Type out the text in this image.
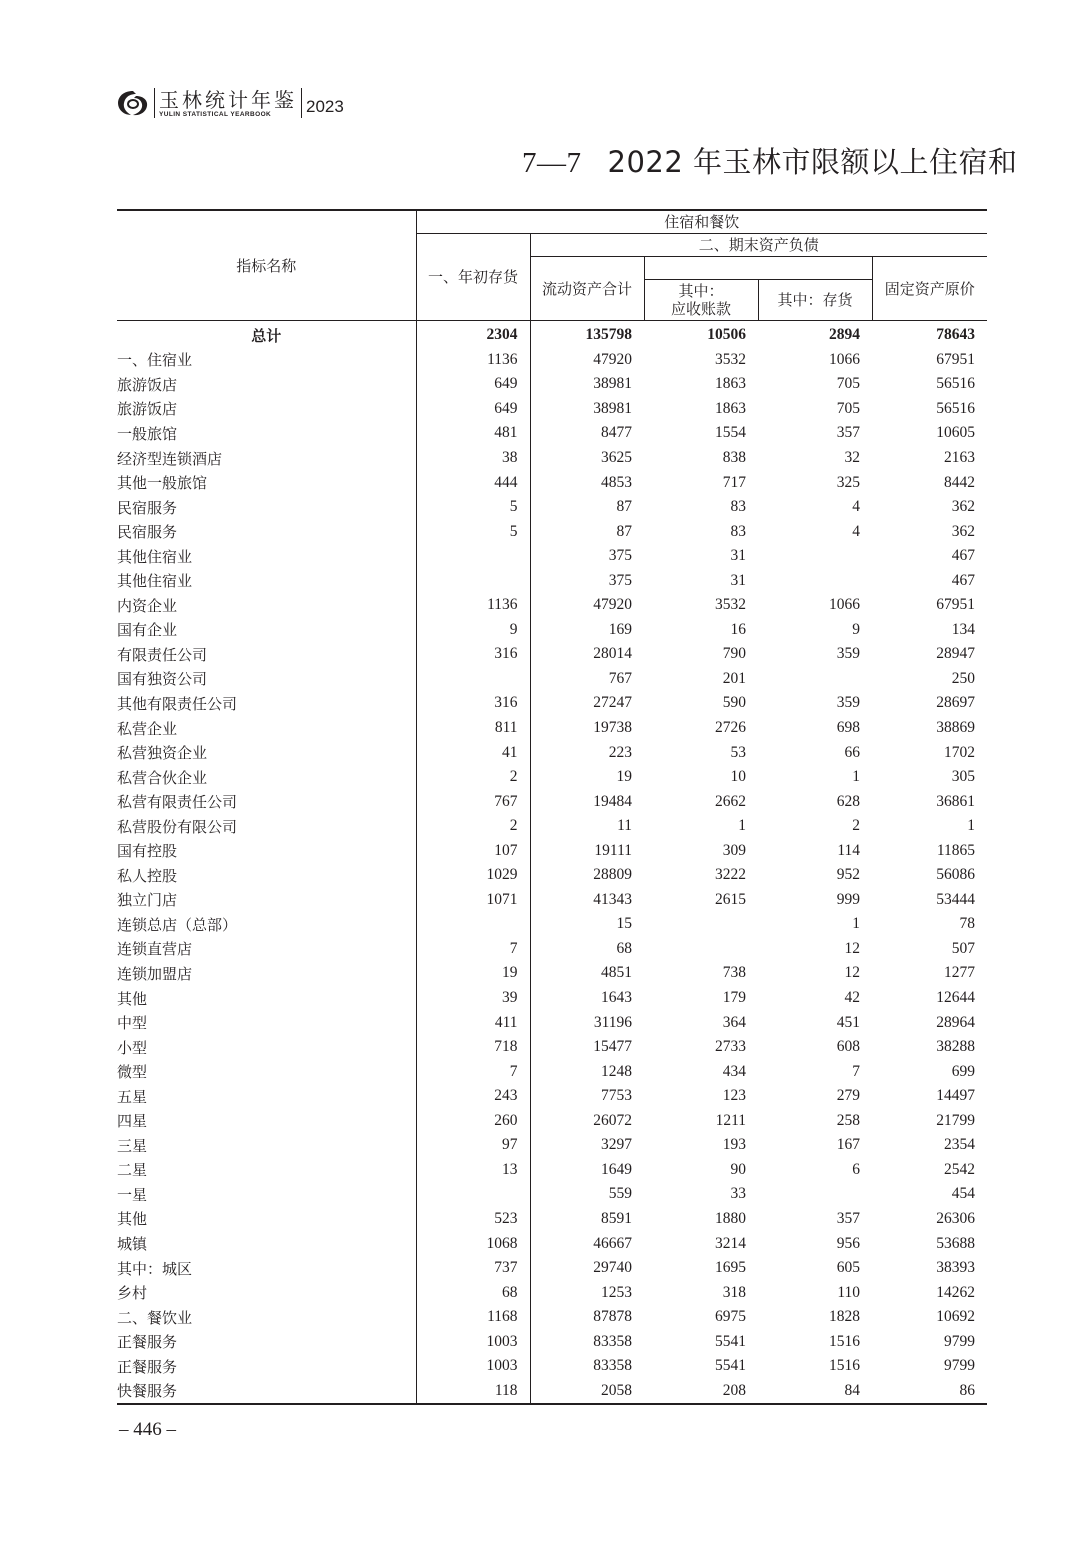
玉林统计年鉴
YULIN STATISTICAL YEARBOOK	2023
7—7 2022 年玉林市限额以上住宿和
指标名称	住宿和餐饮				
	一、年初存货	二、期末资产负债			
		流动资产合计			固定资产原价

			其中：
应收账款	其中：存货	
总计	2304	135798	10506	2894	78643
一、住宿业	1136	47920	3532	1066	67951
旅游饭店	649	38981	1863	705	56516
旅游饭店	649	38981	1863	705	56516
一般旅馆	481	8477	1554	357	10605
经济型连锁酒店	38	3625	838	32	2163
其他一般旅馆	444	4853	717	325	8442
民宿服务	5	87	83	4	362
民宿服务	5	87	83	4	362
其他住宿业		375	31		467
其他住宿业		375	31		467
内资企业	1136	47920	3532	1066	67951
国有企业	9	169	16	9	134
有限责任公司	316	28014	790	359	28947
国有独资公司		767	201		250
其他有限责任公司	316	27247	590	359	28697
私营企业	811	19738	2726	698	38869
私营独资企业	41	223	53	66	1702
私营合伙企业	2	19	10	1	305
私营有限责任公司	767	19484	2662	628	36861
私营股份有限公司	2	11	1	2	1
国有控股	107	19111	309	114	11865
私人控股	1029	28809	3222	952	56086
独立门店	1071	41343	2615	999	53444
连锁总店（总部）		15		1	78
连锁直营店	7	68		12	507
连锁加盟店	19	4851	738	12	1277
其他	39	1643	179	42	12644
中型	411	31196	364	451	28964
小型	718	15477	2733	608	38288
微型	7	1248	434	7	699
五星	243	7753	123	279	14497
四星	260	26072	1211	258	21799
三星	97	3297	193	167	2354
二星	13	1649	90	6	2542
一星		559	33		454
其他	523	8591	1880	357	26306
城镇	1068	46667	3214	956	53688
其中：城区	737	29740	1695	605	38393
乡村	68	1253	318	110	14262
二、餐饮业	1168	87878	6975	1828	10692
正餐服务	1003	83358	5541	1516	9799
正餐服务	1003	83358	5541	1516	9799
快餐服务	118	2058	208	84	86
– 446 –
